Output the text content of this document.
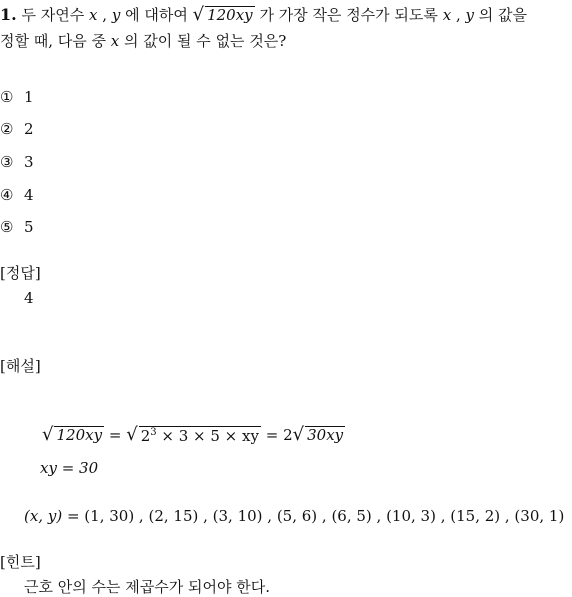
1. 두 자연수 x , y 에 대하여 √ 120xy 가 가장 작은 정수가 되도록 x , y 의 값을
정할 때, 다음 중 x 의 값이 될 수 없는 것은?
① 1
② 2
③ 3
④ 4
⑤ 5
[정답]
4
[해설]
√ 120xy = √ $2^3 \times 3 \times 5$ × xy = 2 √ 30xy
xy = 30
(x, y) = (1, 30) , (2, 15) , (3, 10) , (5, 6) , (6, 5) , (10, 3) , (15, 2) , (30, 1)
[힌트]
근호 안의 수는 제곱수가 되어야 한다.
